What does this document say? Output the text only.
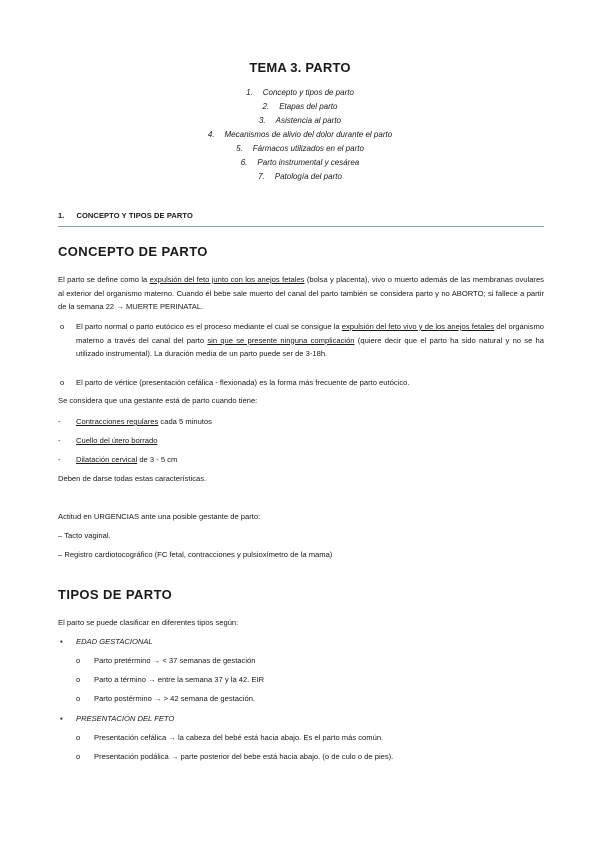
TEMA 3. PARTO
1. Concepto y tipos de parto
2. Etapas del parto
3. Asistencia al parto
4. Mecanismos de alivio del dolor durante el parto
5. Fármacos utilizados en el parto
6. Parto instrumental y cesárea
7. Patología del parto
1. CONCEPTO Y TIPOS DE PARTO
CONCEPTO DE PARTO
El parto se define como la expulsión del feto junto con los anejos fetales (bolsa y placenta), vivo o muerto además de las membranas ovulares al exterior del organismo materno. Cuando él bebe sale muerto del canal del parto también se considera parto y no ABORTO; si fallece a partir de la semana 22 → MUERTE PERINATAL.
o El parto normal o parto eutócico es el proceso mediante el cual se consigue la expulsión del feto vivo y de los anejos fetales del organismo materno a través del canal del parto sin que se presente ninguna complicación (quiere decir que el parto ha sido natural y no se ha utilizado instrumental). La duración media de un parto puede ser de 3-18h.
o El parto de vértice (presentación cefálica - flexionada) es la forma más frecuente de parto eutócico.
Se considera que una gestante está de parto cuando tiene:
- Contracciones regulares cada 5 minutos
- Cuello del útero borrado
- Dilatación cervical de 3 - 5 cm
Deben de darse todas estas características.
Actitud en URGENCIAS ante una posible gestante de parto:
– Tacto vaginal.
– Registro cardiotocográfico (FC fetal, contracciones y pulsioxímetro de la mama)
TIPOS DE PARTO
El parto se puede clasificar en diferentes tipos según:
▪ EDAD GESTACIONAL
o Parto pretérmino → < 37 semanas de gestación
o Parto a término → entre la semana 37 y la 42. EIR
o Parto postérmino → > 42 semana de gestación.
▪ PRESENTACIÓN DEL FETO
o Presentación cefálica → la cabeza del bebé está hacia abajo. Es el parto más común.
o Presentación podálica → parte posterior del bebe está hacia abajo. (o de culo o de pies).
